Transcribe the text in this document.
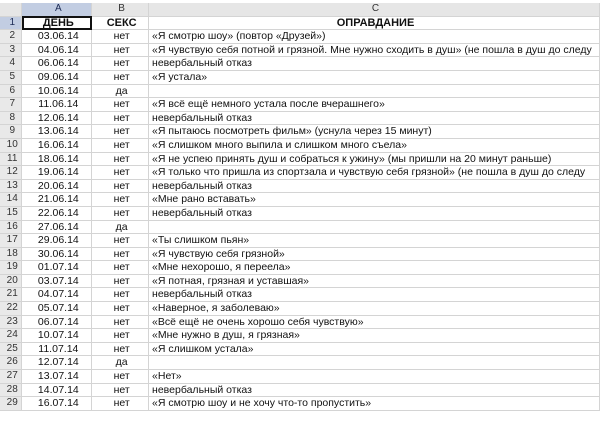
	A	B	C
1	ДЕНЬ	СЕКС	ОПРАВДАНИЕ
2	03.06.14	нет	«Я смотрю шоу» (повтор «Друзей»)
3	04.06.14	нет	«Я чувствую себя потной и грязной. Мне нужно сходить в душ» (не пошла в душ до следу
4	06.06.14	нет	невербальный отказ
5	09.06.14	нет	«Я устала»
6	10.06.14	да	
7	11.06.14	нет	«Я всё ещё немного устала после вчерашнего»
8	12.06.14	нет	невербальный отказ
9	13.06.14	нет	«Я пытаюсь посмотреть фильм» (уснула через 15 минут)
10	16.06.14	нет	«Я слишком много выпила и слишком много съела»
11	18.06.14	нет	«Я не успею принять душ и собраться к ужину» (мы пришли на 20 минут раньше)
12	19.06.14	нет	«Я только что пришла из спортзала и чувствую себя грязной» (не пошла в душ до следу
13	20.06.14	нет	невербальный отказ
14	21.06.14	нет	«Мне рано вставать»
15	22.06.14	нет	невербальный отказ
16	27.06.14	да	
17	29.06.14	нет	«Ты слишком пьян»
18	30.06.14	нет	«Я чувствую себя грязной»
19	01.07.14	нет	«Мне нехорошо, я переела»
20	03.07.14	нет	«Я потная, грязная и уставшая»
21	04.07.14	нет	невербальный отказ
22	05.07.14	нет	«Наверное, я заболеваю»
23	06.07.14	нет	«Всё ещё не очень хорошо себя чувствую»
24	10.07.14	нет	«Мне нужно в душ, я грязная»
25	11.07.14	нет	«Я слишком устала»
26	12.07.14	да	
27	13.07.14	нет	«Нет»
28	14.07.14	нет	невербальный отказ
29	16.07.14	нет	«Я смотрю шоу и не хочу что-то пропустить»
